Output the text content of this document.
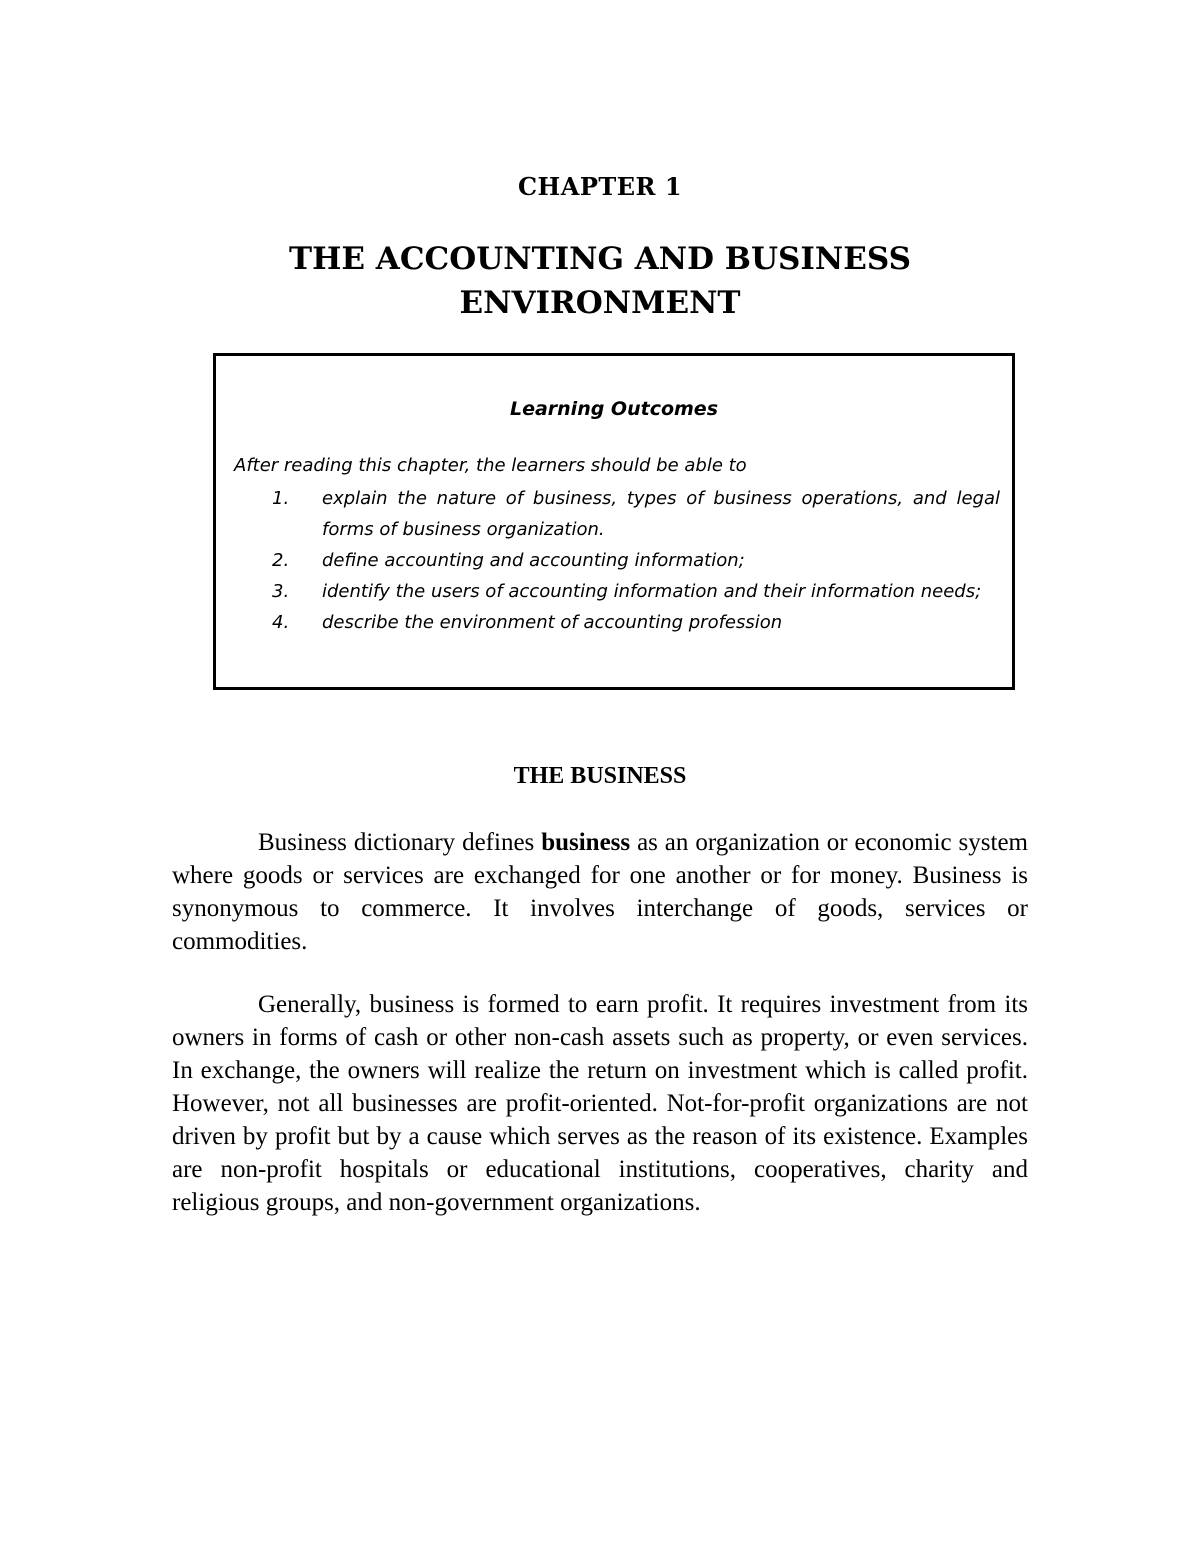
CHAPTER 1
THE ACCOUNTING AND BUSINESS
ENVIRONMENT
Learning Outcomes
After reading this chapter, the learners should be able to
1. explain the nature of business, types of business operations, and legal forms of business organization.
2. define accounting and accounting information;
3. identify the users of accounting information and their information needs;
4. describe the environment of accounting profession
THE BUSINESS

Business dictionary defines business as an organization or economic system where goods or services are exchanged for one another or for money. Business is synonymous to commerce. It involves interchange of goods, services or commodities.

Generally, business is formed to earn profit. It requires investment from its owners in forms of cash or other non-cash assets such as property, or even services. In exchange, the owners will realize the return on investment which is called profit. However, not all businesses are profit-oriented. Not-for-profit organizations are not driven by profit but by a cause which serves as the reason of its existence. Examples are non-profit hospitals or educational institutions, cooperatives, charity and religious groups, and non-government organizations.
